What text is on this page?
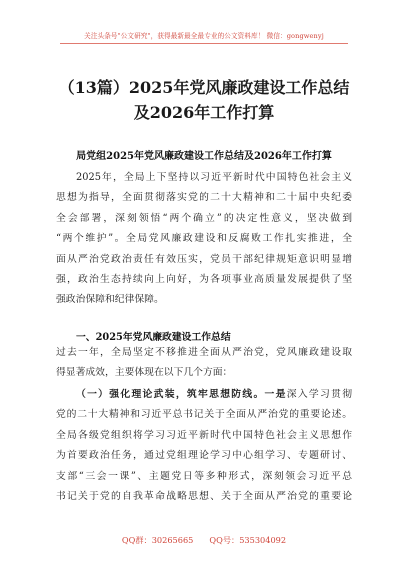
关注头条号"公文研究"，获得最新最全最专业的公文资料库！ 微信：gongwenyj
（13篇）2025年党风廉政建设工作总结
及2026年工作打算
局党组2025年党风廉政建设工作总结及2026年工作打算
2025年，全局上下坚持以习近平新时代中国特色社会主义
思想为指导，全面贯彻落实党的二十大精神和二十届中央纪委
全会部署，深刻领悟“两个确立”的决定性意义，坚决做到
“两个维护”。全局党风廉政建设和反腐败工作扎实推进，全
面从严治党政治责任有效压实，党员干部纪律规矩意识明显增
强，政治生态持续向上向好，为各项事业高质量发展提供了坚
强政治保障和纪律保障。
一、2025年党风廉政建设工作总结
过去一年，全局坚定不移推进全面从严治党，党风廉政建设取
得显著成效，主要体现在以下几个方面：
（一）强化理论武装，筑牢思想防线。一是深入学习贯彻
党的二十大精神和习近平总书记关于全面从严治党的重要论述。
全局各级党组织将学习习近平新时代中国特色社会主义思想作
为首要政治任务，通过党组理论学习中心组学习、专题研讨、
支部“三会一课”、主题党日等多种形式，深刻领会习近平总
书记关于党的自我革命战略思想、关于全面从严治党的重要论
QQ群：30265665 QQ号：535304092
